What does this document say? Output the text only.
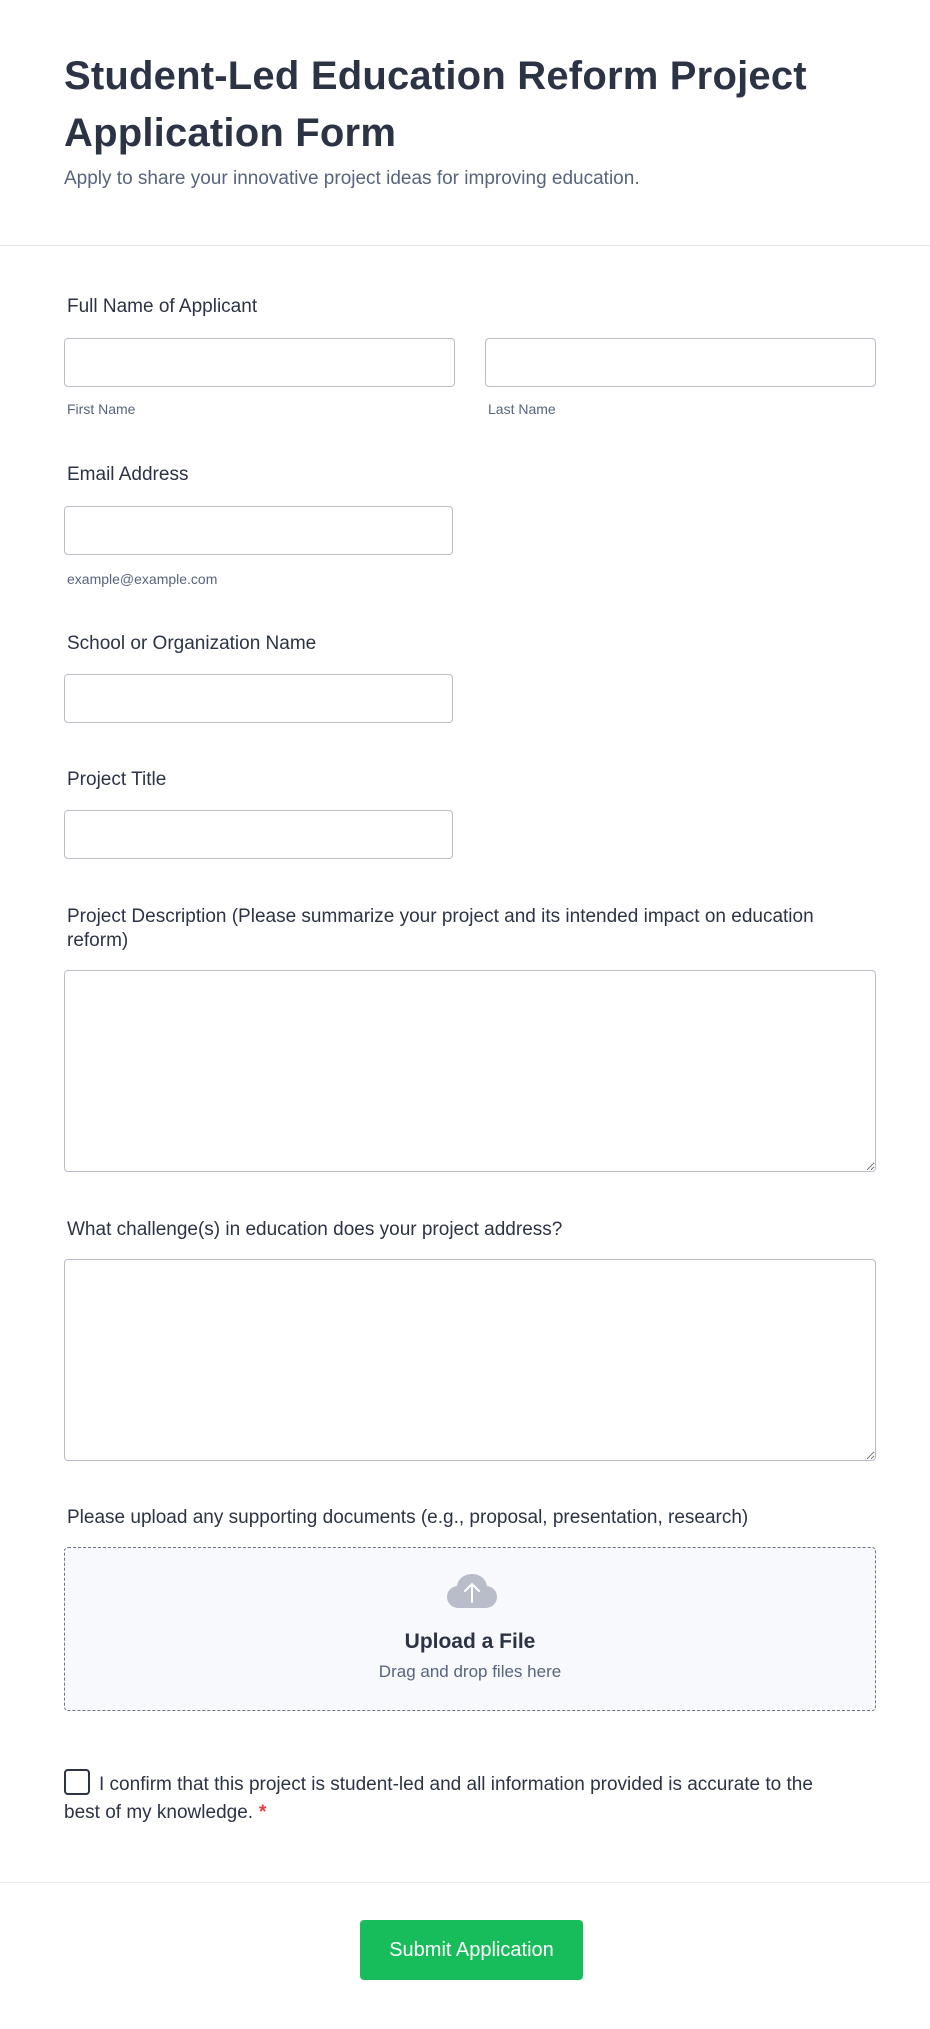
Student-Led Education Reform Project Application Form

Apply to share your innovative project ideas for improving education.

Full Name of Applicant
First Name	Last Name
Email Address
example@example.com
School or Organization Name
Project Title
Project Description (Please summarize your project and its intended impact on education reform)
What challenge(s) in education does your project address?
Please upload any supporting documents (e.g., proposal, presentation, research)
Upload a File
Drag and drop files here
I confirm that this project is student-led and all information provided is accurate to the best of my knowledge. *
Submit Application
